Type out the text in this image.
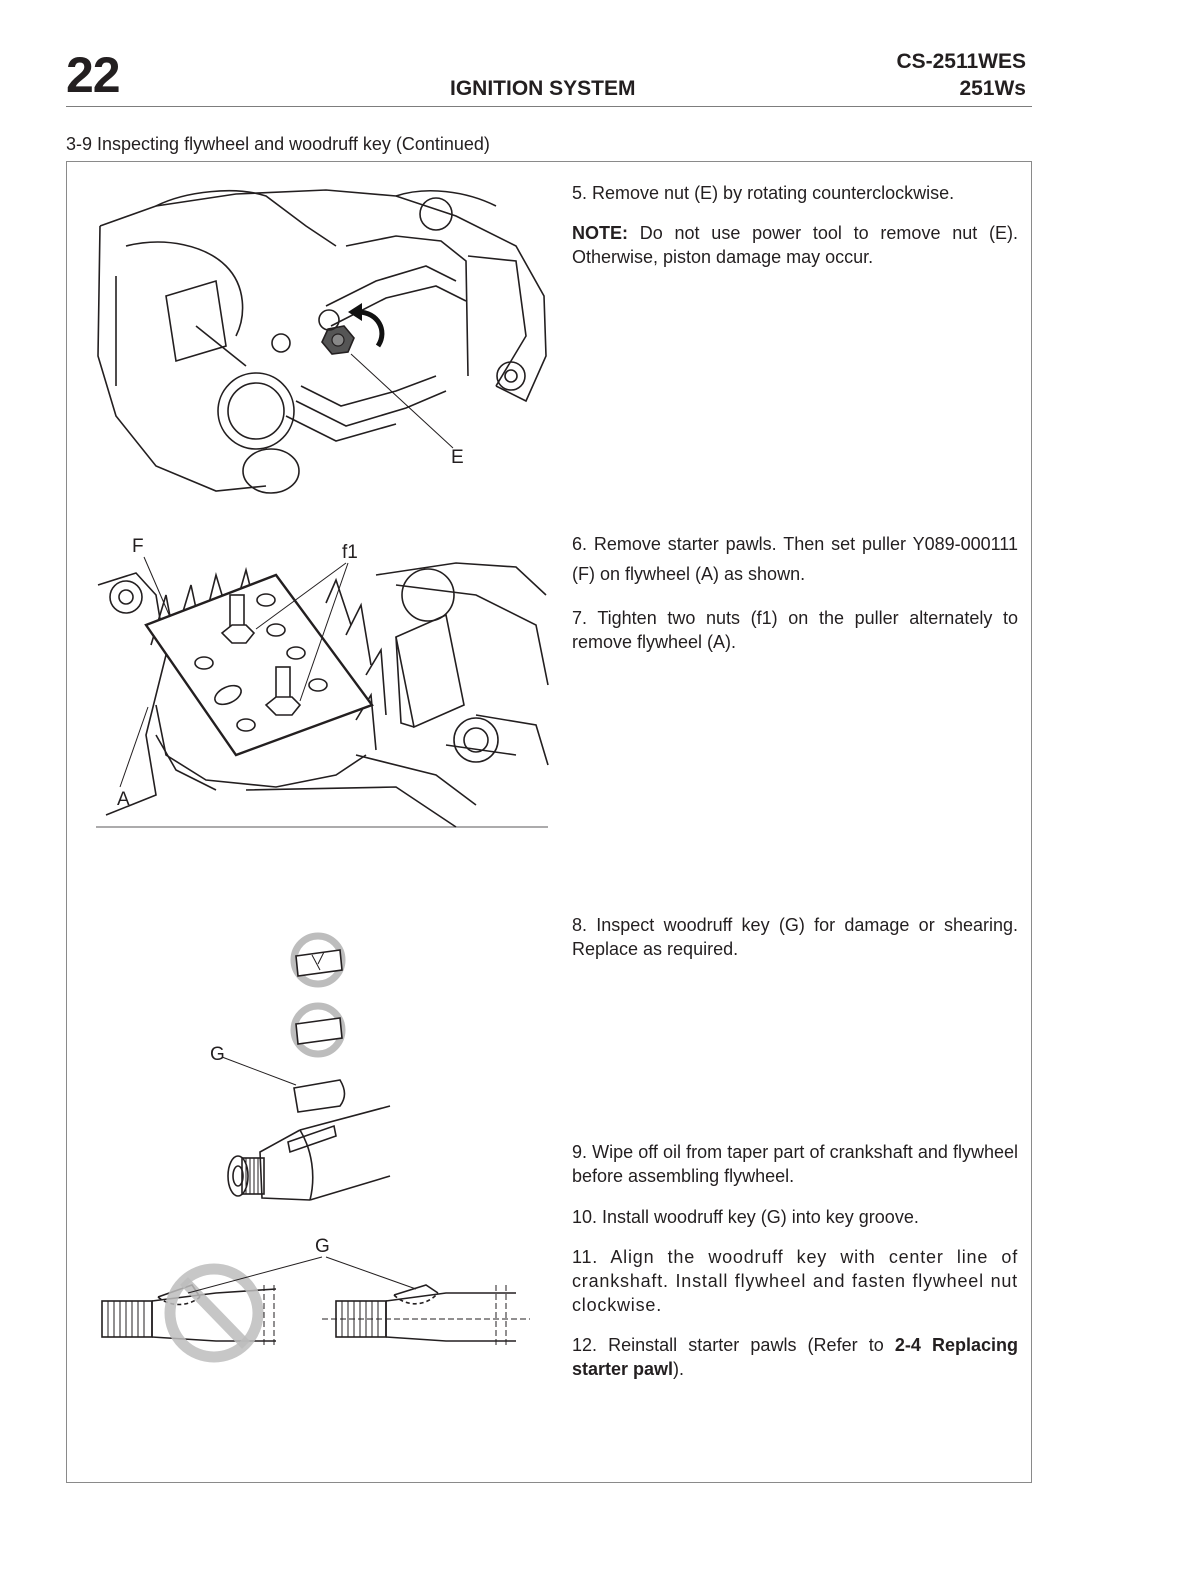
22	IGNITION SYSTEM
CS-2511WES
251Ws
3-9 Inspecting flywheel and woodruff key (Continued)
E

5. Remove nut (E) by rotating counterclockwise.

NOTE: Do not use power tool to remove nut (E). Otherwise, piston damage may occur.

F	f1
A

6. Remove starter pawls. Then set puller Y089-000111 (F) on flywheel (A) as shown.

7. Tighten two nuts (f1) on the puller alternately to remove flywheel (A).

G

8. Inspect woodruff key (G) for damage or shearing. Replace as required.

G

9. Wipe off oil from taper part of crankshaft and flywheel before assembling flywheel.

10. Install woodruff key (G) into key groove.

11. Align the woodruff key with center line of crankshaft. Install flywheel and fasten flywheel nut clockwise.

12. Reinstall starter pawls (Refer to 2-4 Replacing starter pawl).
